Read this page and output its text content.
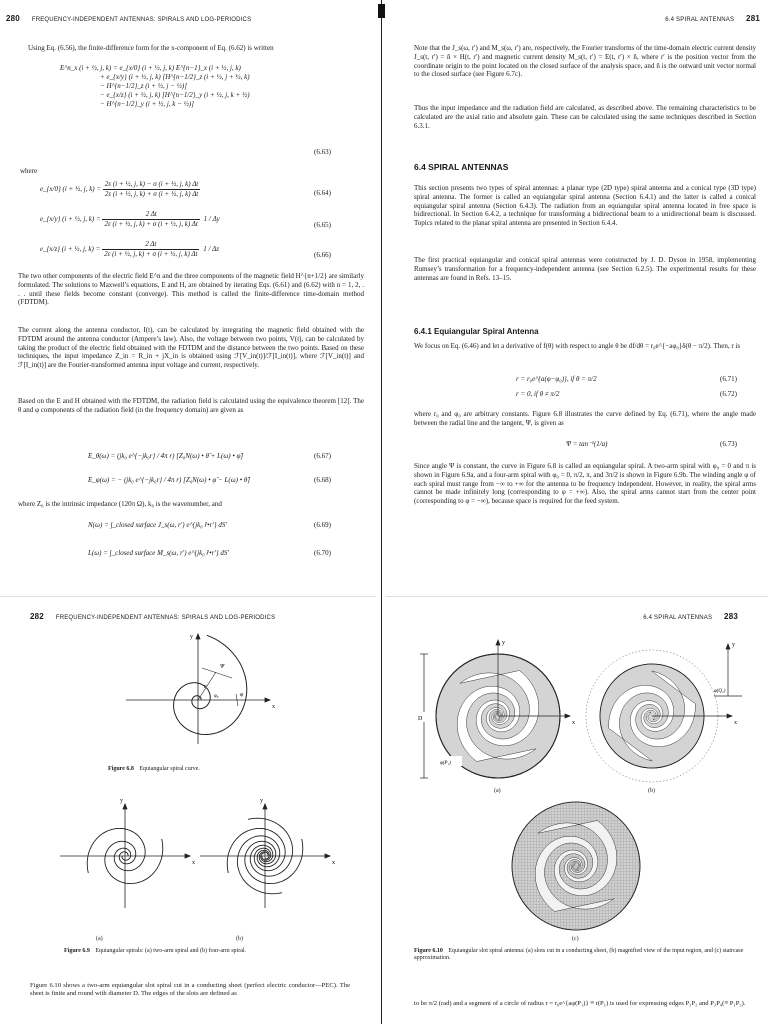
280 FREQUENCY-INDEPENDENT ANTENNAS: SPIRALS AND LOG-PERIODICS
Using Eq. (6.56), the finite-difference form for the x-component of Eq. (6.62) is written
E^n_x (i + ½, j, k) = e_{x/0} (i + ½, j, k) E^{n−1}_x (i + ½, j, k)
+ e_{x/y} (i + ½, j, k) [H^{n−1/2}_z (i + ½, j + ½, k)
− H^{n−1/2}_z (i + ½, j − ½)]
− e_{x/z} (i + ½, j, k) [H^{n−1/2}_y (i + ½, j, k + ½)
− H^{n−1/2}_y (i + ½, j, k − ½)]
(6.63)
where
e_{x/0} (i + ½, j, $k) = \frac{\text{2ε (i + ½, j, k) − σ (i + ½, j, k) Δt}}{\text{2ε (i + ½, j, k) + σ (i + ½, j, k) Δt}}$	(6.64)
e_{x/y} (i + ½, j, $k) = \frac{2 \Delta t}{\text{2ε (i + ½, j, k) + σ (i + ½, j, k) Δt}} 1 / \Delta y$
(6.65)
e_{x/z} (i + ½, j, $k) = \frac{2 \Delta t}{\text{2ε (i + ½, j, k) + σ (i + ½, j, k) Δt}} 1 / \Delta z$
(6.66)
The two other components of the electric field E^n and the three components of the magnetic field H^{n+1/2} are similarly formulated. The solutions to Maxwell’s equations, E and H, are obtained by iterating Eqs. (6.61) and (6.62) with n = 1, 2, . . . until these fields become constant (converge). This method is called the finite-difference time-domain method (FDTDM).
The current along the antenna conductor, I(t), can be calculated by integrating the magnetic field obtained with the FDTDM around the antenna conductor (Ampere’s law). Also, the voltage between two points, V(t), can be calculated by taking the product of the electric field obtained with the FDTDM and the distance between the two points. Based on these techniques, the input impedance Z_in = R_in + jX_in is obtained using ℱ[V_in(t)]/ℱ[I_in(t)], where ℱ[V_in(t)] and ℱ[I_in(t)] are the Fourier-transformed antenna input voltage and current, respectively.
Based on the E and H obtained with the FDTDM, the radiation field is calculated using the equivalence theorem [12]. The θ and φ components of the radiation field (in the frequency domain) are given as
E_θ(ω) = (jk₀ e^{−jk₀r} / 4π r) [Z₀N(ω) • θ̂ + L(ω) • φ̂]	(6.67)
E_φ(ω) = − (jk₀ e^{−jk₀r} / 4π r) [Z₀N(ω) • φ̂ − L(ω) • θ̂]	(6.68)
where Z₀ is the intrinsic impedance (120π Ω), k₀ is the wavenumber, and
N(ω) = ∫_closed surface J_s(ω, r′) e^{jk₀ r̂•r′} dS′	(6.69)
L(ω) = ∫_closed surface M_s(ω, r′) e^{jk₀ r̂•r′} dS′	(6.70)
6.4 SPIRAL ANTENNAS 281
Note that the J_s(ω, r′) and M_s(ω, r′) are, respectively, the Fourier transforms of the time-domain electric current density J_s(t, r′) = n̂ × H(t, r′) and magnetic current density M_s(t, r′) = E(t, r′) × n̂, where r′ is the position vector from the coordinate origin to the point located on the closed surface of the analysis space, and n̂ is the outward unit vector normal to the closed surface (see Figure 6.7c).
Thus the input impedance and the radiation field are calculated, as described above. The remaining characteristics to be calculated are the axial ratio and absolute gain. These can be calculated using the same techniques described in Section 6.3.1.
6.4 SPIRAL ANTENNAS
This section presents two types of spiral antennas: a planar type (2D type) spiral antenna and a conical type (3D type) spiral antenna. The former is called an equiangular spiral antenna (Section 6.4.1) and the latter is called a conical equiangular spiral antenna (Section 6.4.3). The radiation from an equiangular spiral antenna located in free space is bidirectional. In Section 6.4.2, a technique for transforming a bidirectional beam to a unidirectional beam is discussed. Topics related to the planar spiral antenna are presented in Section 6.4.4.
The first practical equiangular and conical spiral antennas were constructed by J. D. Dyson in 1958, implementing Rumsey’s transformation for a frequency-independent antenna (see Section 6.2.5). The experimental results for these antennas are found in Refs. 13–15.
6.4.1 Equiangular Spiral Antenna
We focus on Eq. (6.46) and let a derivative of f(θ) with respect to angle θ be df/dθ = r₀e^{−aφ₀}δ(θ − π/2). Then, r is
r = r₀e^{a(φ−φ₀)}, if θ = π/2	(6.71)
r = 0, if θ ≠ π/2	(6.72)
where r₀ and φ₀ are arbitrary constants. Figure 6.8 illustrates the curve defined by Eq. (6.71), where the angle made between the radial line and the tangent, Ψ, is given as
Ψ = tan⁻¹(1/a)	(6.73)
Since angle Ψ is constant, the curve in Figure 6.8 is called an equiangular spiral. A two-arm spiral with φ₀ = 0 and π is shown in Figure 6.9a, and a four-arm spiral with φ₀ = 0, π/2, π, and 3π/2 is shown in Figure 6.9b. The winding angle φ of each spiral must range from −∞ to +∞ for the antenna to be frequency independent. However, in reality, the spiral arms cannot be made infinitely long (corresponding to φ = +∞). Also, the spiral arms cannot start from the center point (corresponding to φ = −∞), because space is required for the feed system.
282 FREQUENCY-INDEPENDENT ANTENNAS: SPIRALS AND LOG-PERIODICS
x
y
Ψ
r
φ₀	φ
Figure 6.8 Equiangular spiral curve.
x
y
x
y
(a)	(b)
Figure 6.9 Equiangular spirals: (a) two-arm spiral and (b) four-arm spiral.
Figure 6.10 shows a two-arm equiangular slot spiral cut in a conducting sheet (perfect electric conductor—PEC). The sheet is finite and round with diameter D. The edges of the slots are defined as
6.4 SPIRAL ANTENNAS 283
D
x
y
φ(P₁)
(a)
x
y
φ(Q₁)
(b)
(c)
Figure 6.10 Equiangular slot spiral antenna: (a) slots cut in a conducting sheet, (b) magnified view of the input region, and (c) staircase approximation.
to be π/2 (rad) and a segment of a circle of radius r = r₀e^{aφ(P₁)} ≡ r(P₁) is used for expressing edges P₁P₂ and P₃P₄(≡ P₁P₂).
